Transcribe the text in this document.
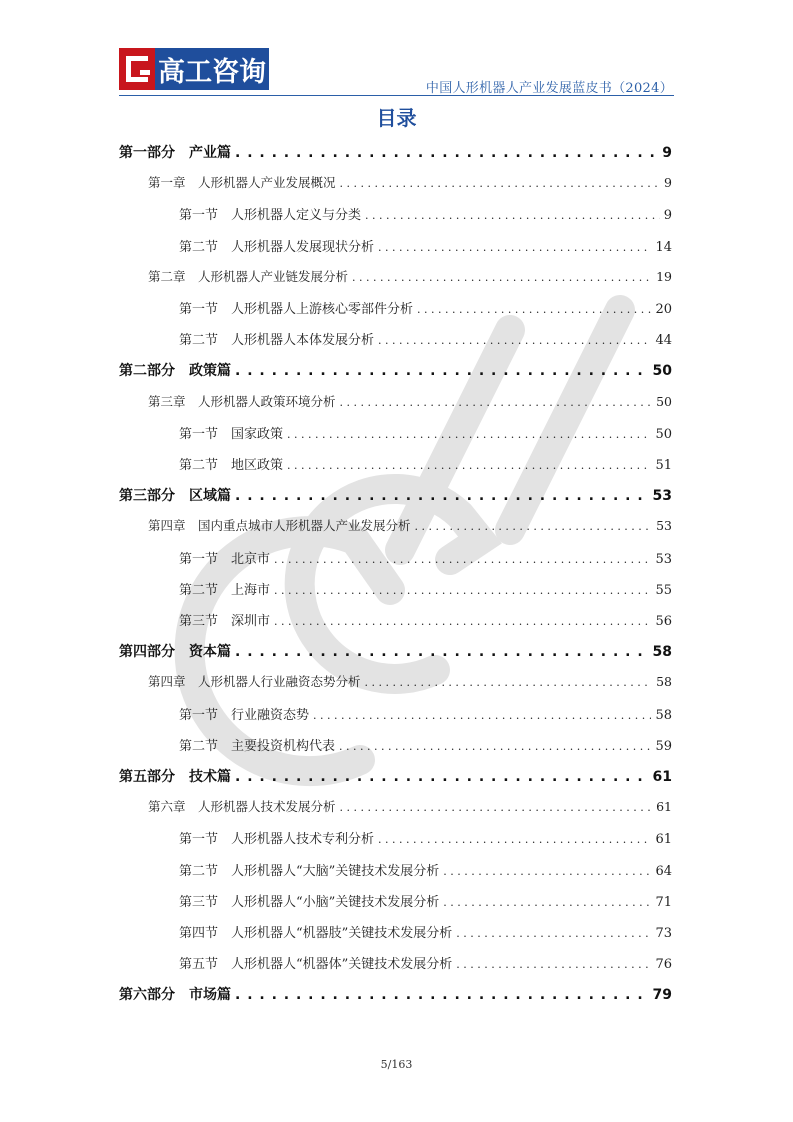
高工咨询
中国人形机器人产业发展蓝皮书（2024）
目录
第一部分　产业篇 . . .	9
第一章　人形机器人产业发展概况 . . .	9
第一节　人形机器人定义与分类 . . .	9
第二节　人形机器人发展现状分析 . . .	14
第二章　人形机器人产业链发展分析 . . .	19
第一节　人形机器人上游核心零部件分析 . . .	20
第二节　人形机器人本体发展分析 . . .	44
第二部分　政策篇 . . .	50
第三章　人形机器人政策环境分析 . . .	50
第一节　国家政策 . . .	50
第二节　地区政策 . . .	51
第三部分　区域篇 . . .	53
第四章　国内重点城市人形机器人产业发展分析 . . .	53
第一节　北京市 . . .	53
第二节　上海市 . . .	55
第三节　深圳市 . . .	56
第四部分　资本篇 . . .	58
第四章　人形机器人行业融资态势分析 . . .	58
第一节　行业融资态势 . . .	58
第二节　主要投资机构代表 . . .	59
第五部分　技术篇 . . .	61
第六章　人形机器人技术发展分析 . . .	61
第一节　人形机器人技术专利分析 . . .	61
第二节　人形机器人“大脑”关键技术发展分析 . . .	64
第三节　人形机器人“小脑”关键技术发展分析 . . .	71
第四节　人形机器人“机器肢”关键技术发展分析 . . .	73
第五节　人形机器人“机器体”关键技术发展分析 . . .	76
第六部分　市场篇 . . .	79
5/163
